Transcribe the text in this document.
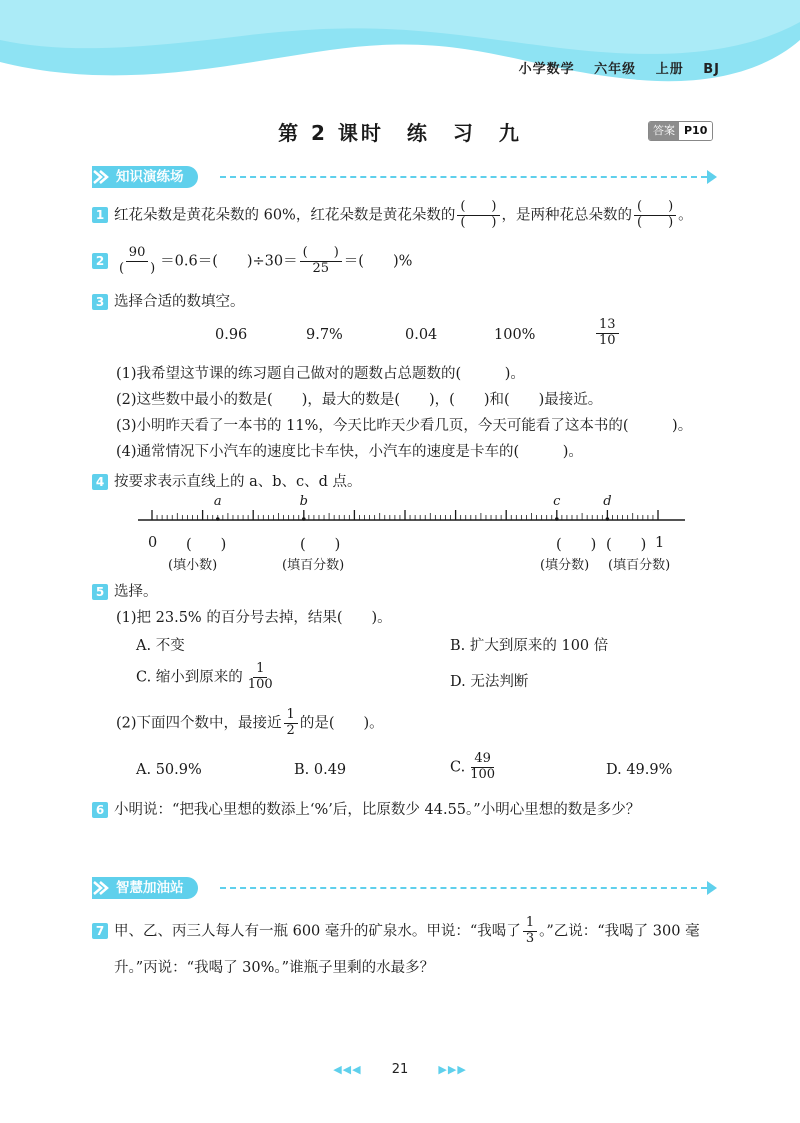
小学数学 六年级 上册 BJ
第 2 课时　练　习　九	答案 P10
知识演练场
1 红花朵数是黄花朵数的 60%，红花朵数是黄花朵数的 $\frac{( )}{( )}$ ，是两种花总朵数的 $\frac{( )}{( )}$ 。
$2 \frac{90}{( )} =0.6=$(　　)$\div 30= \frac{( )}{25}$ ＝(　　)%
3 选择合适的数填空。
0.96	9.7%	0.04	100%	$\frac{13}{10}$
(1)我希望这节课的练习题自己做对的题数占总题数的(　　　)。
(2)这些数中最小的数是(　　)，最大的数是(　　)，(　　)和(　　)最接近。
(3)小明昨天看了一本书的 11%，今天比昨天少看几页，今天可能看了这本书的(　　　)。
(4)通常情况下小汽车的速度比卡车快，小汽车的速度是卡车的(　　　)。
4 按要求表示直线上的 a、b、c、d 点。
a	b	c	d
0	1
(　　)	(　　)	(　　) (　　)
(填小数)	(填百分数)	(填分数) (填百分数)
5 选择。
(1)把 23.5% 的百分号去掉，结果(　　)。
A. 不变	B. 扩大到原来的 100 倍
C. 缩小到原来的 $\frac{1}{100}$	D. 无法判断
(2)下面四个数中，最接近 $\frac{1}{2}$ 的是(　　)。
A. 50.9%	B. 0.49	C. $\frac{49}{100}$	D. 49.9%
6 小明说：“把我心里想的数添上‘%’后，比原数少 44.55。”小明心里想的数是多少？
智慧加油站
7 甲、乙、丙三人每人有一瓶 600 毫升的矿泉水。甲说：“我喝了 $\frac{1}{3}$ 。”乙说：“我喝了 300 毫
升。”丙说：“我喝了 30%。”谁瓶子里剩的水最多？
◀◀◀ 21	▶▶▶
